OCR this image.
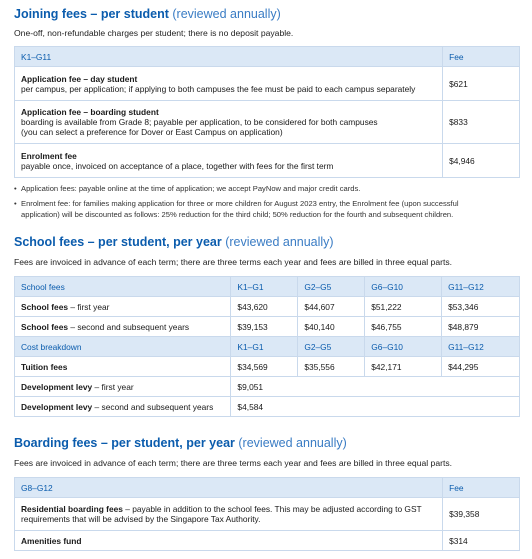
Joining fees – per student (reviewed annually)
One-off, non-refundable charges per student; there is no deposit payable.
K1–G11	Fee

Application fee – day student
per campus, per application; if applying to both campuses the fee must be paid to each campus separately	$621

Application fee – boarding student
boarding is available from Grade 8; payable per application, to be considered for both campuses
(you can select a preference for Dover or East Campus on application)	$833

Enrolment fee
payable once, invoiced on acceptance of a place, together with fees for the first term	$4,946
• Application fees: payable online at the time of application; we accept PayNow and major credit cards.
• Enrolment fee: for families making application for three or more children for August 2023 entry, the Enrolment fee (upon successful
application) will be discounted as follows: 25% reduction for the third child; 50% reduction for the fourth and subsequent children.
School fees – per student, per year (reviewed annually)
Fees are invoiced in advance of each term; there are three terms each year and fees are billed in three equal parts.
School fees	K1–G1	G2–G5	G6–G10	G11–G12
School fees – first year	$43,620	$44,607	$51,222	$53,346
School fees – second and subsequent years	$39,153	$40,140	$46,755	$48,879
Cost breakdown	K1–G1	G2–G5	G6–G10	G11–G12
Tuition fees	$34,569	$35,556	$42,171	$44,295
Development levy – first year	$9,051			
Development levy – second and subsequent years	$4,584			
Boarding fees – per student, per year (reviewed annually)
Fees are invoiced in advance of each term; there are three terms each year and fees are billed in three equal parts.
G8–G12	Fee

Residential boarding fees – payable in addition to the school fees. This may be adjusted according to GST
requirements that will be advised by the Singapore Tax Authority.	$39,358
Amenities fund	$314
